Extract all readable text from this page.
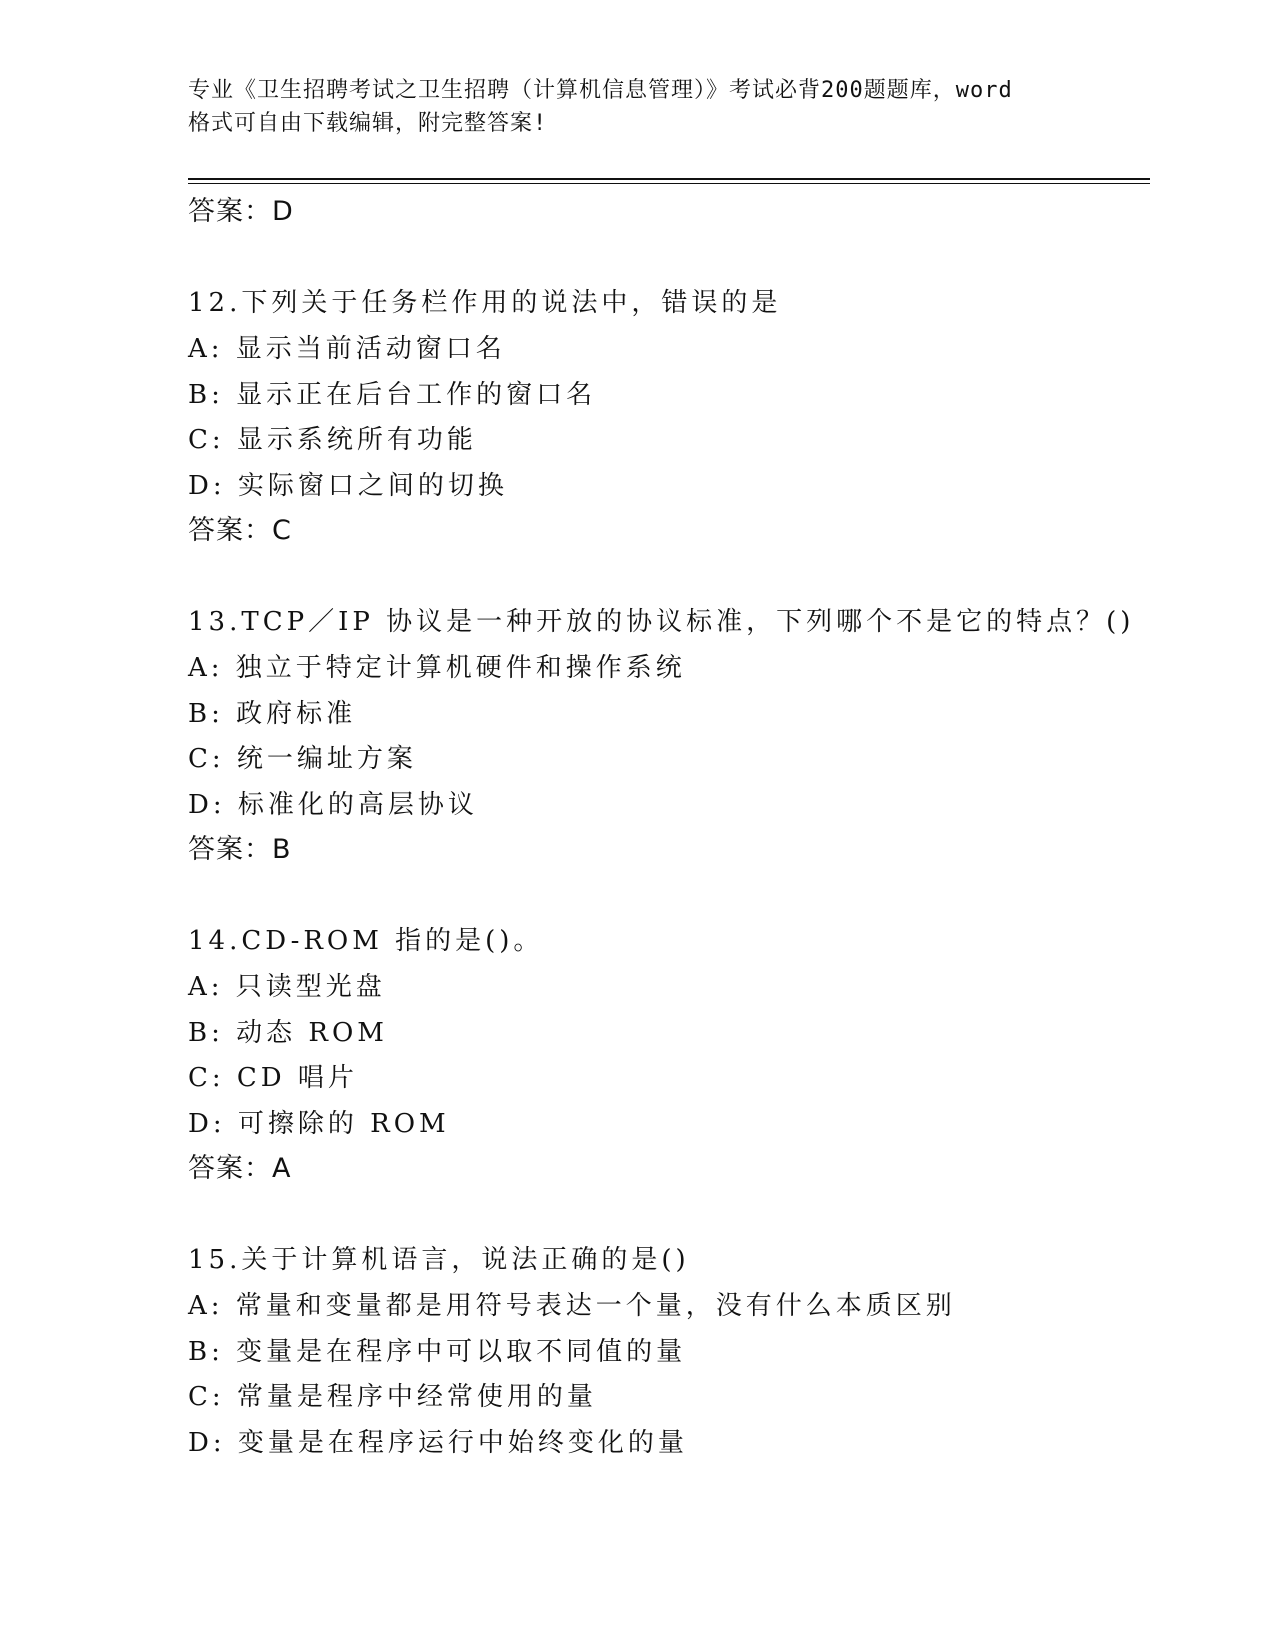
专业《卫生招聘考试之卫生招聘（计算机信息管理）》考试必背200题题库，word
格式可自由下载编辑，附完整答案!
答案：D
12.下列关于任务栏作用的说法中，错误的是
A: 显示当前活动窗口名
B: 显示正在后台工作的窗口名
C: 显示系统所有功能
D: 实际窗口之间的切换
答案：C
13.TCP／IP 协议是一种开放的协议标准，下列哪个不是它的特点？()
A: 独立于特定计算机硬件和操作系统
B: 政府标准
C: 统一编址方案
D: 标准化的高层协议
答案：B
14.CD-ROM 指的是()。
A: 只读型光盘
B: 动态 ROM
C: CD 唱片
D: 可擦除的 ROM
答案：A
15.关于计算机语言，说法正确的是()
A: 常量和变量都是用符号表达一个量，没有什么本质区别
B: 变量是在程序中可以取不同值的量
C: 常量是程序中经常使用的量
D: 变量是在程序运行中始终变化的量
